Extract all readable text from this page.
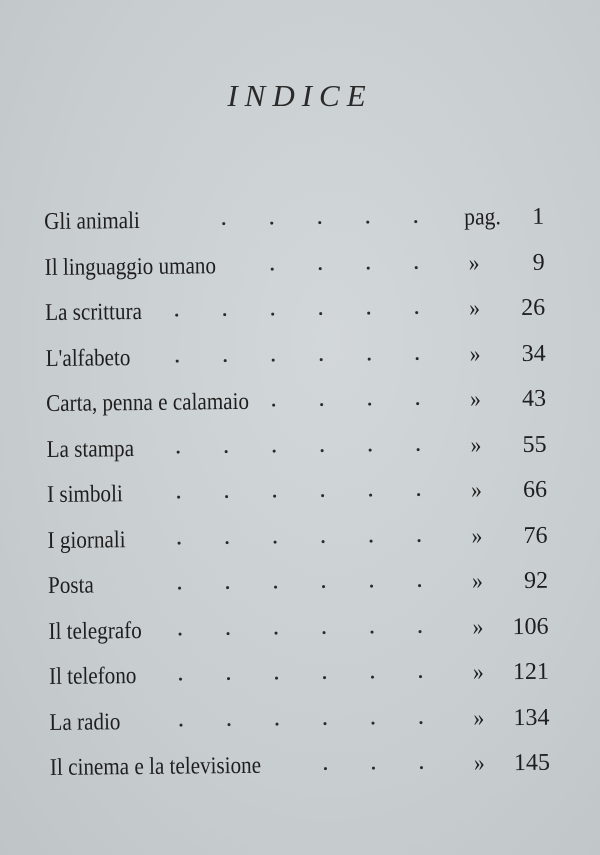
INDICE
Gli animali	pag. 1
Il linguaggio umano	» 9
La scrittura	» 26
L'alfabeto	» 34
Carta, penna e calamaio	» 43
La stampa	» 55
I simboli	» 66
I giornali	» 76
Posta	» 92
Il telegrafo	» 106
Il telefono	» 121
La radio	» 134
Il cinema e la televisione	» 145
